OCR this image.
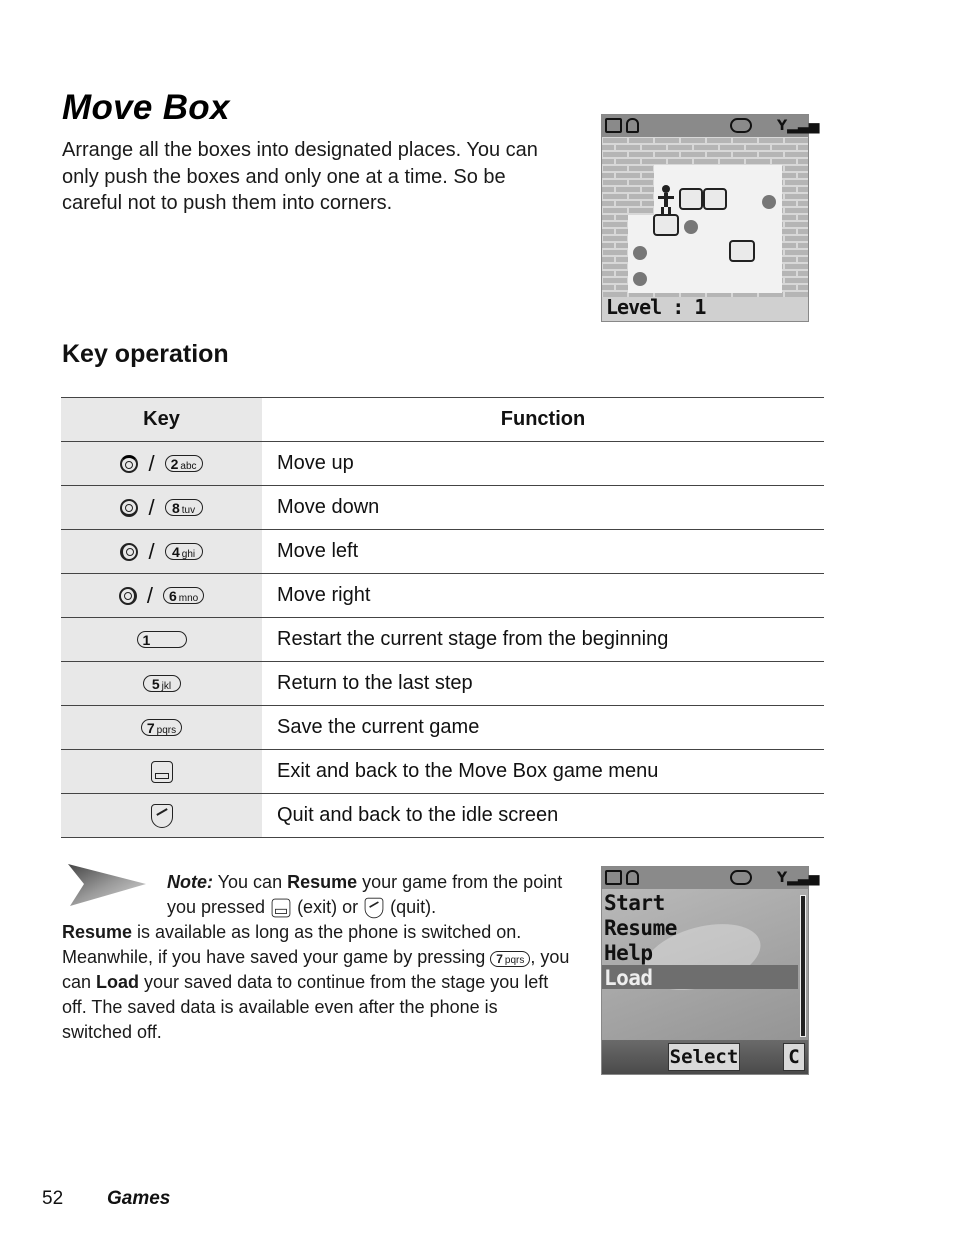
Move Box
Arrange all the boxes into designated places. You can only push the boxes and only one at a time. So be careful not to push them into corners.
Y▂▃▅
Level : 1
Key operation
Key	Function
/ 2 abc	Move up
/ 8 tuv	Move down
/ 4 ghi	Move left
/ 6 mno	Move right
1	Restart the current stage from the beginning
5 jkl	Return to the last step
7 pqrs	Save the current game
	Exit and back to the Move Box game menu
	Quit and back to the idle screen
Note: You can Resume your game from the point you pressed  (exit) or  (quit).
Resume is available as long as the phone is switched on. Meanwhile, if you have saved your game by pressing 7 pqrs , you can Load your saved data to continue from the stage you left off. The saved data is available even after the phone is switched off.
Y▂▃▅
Start
Resume
Help
Load
Select	C
52 Games
